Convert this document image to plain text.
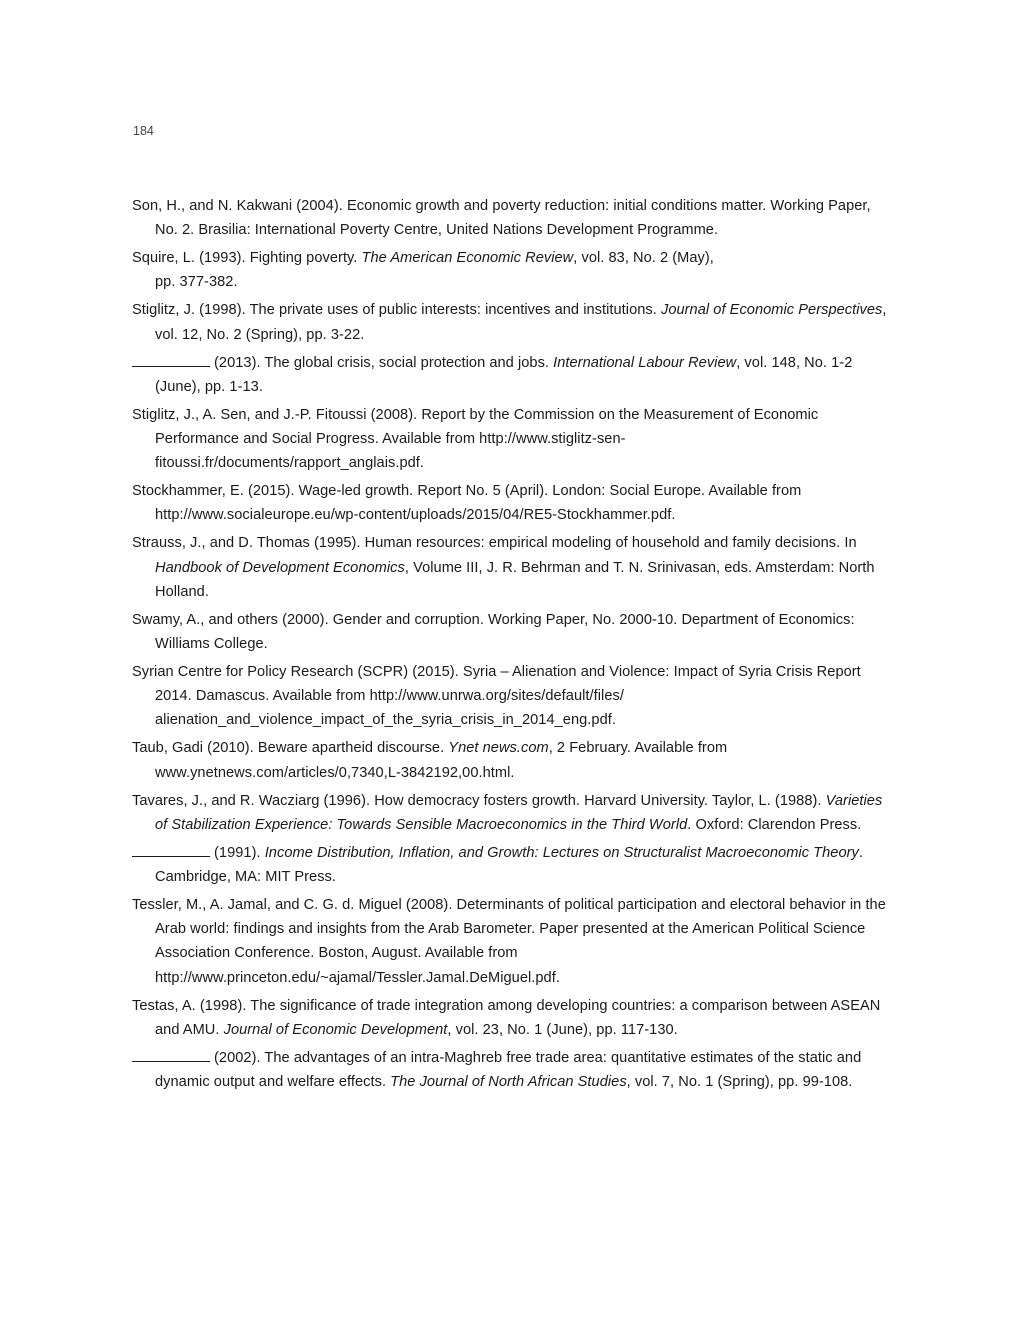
184

Son, H., and N. Kakwani (2004). Economic growth and poverty reduction: initial conditions matter. Working Paper, No. 2. Brasilia: International Poverty Centre, United Nations Development Programme.

Squire, L. (1993). Fighting poverty. The American Economic Review, vol. 83, No. 2 (May),
pp. 377-382.

Stiglitz, J. (1998). The private uses of public interests: incentives and institutions. Journal of Economic Perspectives, vol. 12, No. 2 (Spring), pp. 3-22.

(2013). The global crisis, social protection and jobs. International Labour Review, vol. 148, No. 1-2 (June), pp. 1-13.

Stiglitz, J., A. Sen, and J.-P. Fitoussi (2008). Report by the Commission on the Measurement of Economic Performance and Social Progress. Available from http://www.stiglitz-sen-fitoussi.fr/documents/rapport_anglais.pdf.

Stockhammer, E. (2015). Wage-led growth. Report No. 5 (April). London: Social Europe. Available from http://www.socialeurope.eu/wp-content/uploads/2015/04/RE5-Stockhammer.pdf.

Strauss, J., and D. Thomas (1995). Human resources: empirical modeling of household and family decisions. In Handbook of Development Economics, Volume III, J. R. Behrman and T. N. Srinivasan, eds. Amsterdam: North Holland.

Swamy, A., and others (2000). Gender and corruption. Working Paper, No. 2000-10. Department of Economics: Williams College.

Syrian Centre for Policy Research (SCPR) (2015). Syria – Alienation and Violence: Impact of Syria Crisis Report 2014. Damascus. Available from http://www.unrwa.org/sites/default/files/
alienation_and_violence_impact_of_the_syria_crisis_in_2014_eng.pdf.

Taub, Gadi (2010). Beware apartheid discourse. Ynet news.com, 2 February. Available from www.ynetnews.com/articles/0,7340,L-3842192,00.html.

Tavares, J., and R. Wacziarg (1996). How democracy fosters growth. Harvard University. Taylor, L. (1988). Varieties of Stabilization Experience: Towards Sensible Macroeconomics in the Third World. Oxford: Clarendon Press.

(1991). Income Distribution, Inflation, and Growth: Lectures on Structuralist Macroeconomic Theory. Cambridge, MA: MIT Press.

Tessler, M., A. Jamal, and C. G. d. Miguel (2008). Determinants of political participation and electoral behavior in the Arab world: findings and insights from the Arab Barometer. Paper presented at the American Political Science Association Conference. Boston, August. Available from http://www.princeton.edu/~ajamal/Tessler.Jamal.DeMiguel.pdf.

Testas, A. (1998). The significance of trade integration among developing countries: a comparison between ASEAN and AMU. Journal of Economic Development, vol. 23, No. 1 (June), pp. 117-130.

(2002). The advantages of an intra-Maghreb free trade area: quantitative estimates of the static and dynamic output and welfare effects. The Journal of North African Studies, vol. 7, No. 1 (Spring), pp. 99-108.
